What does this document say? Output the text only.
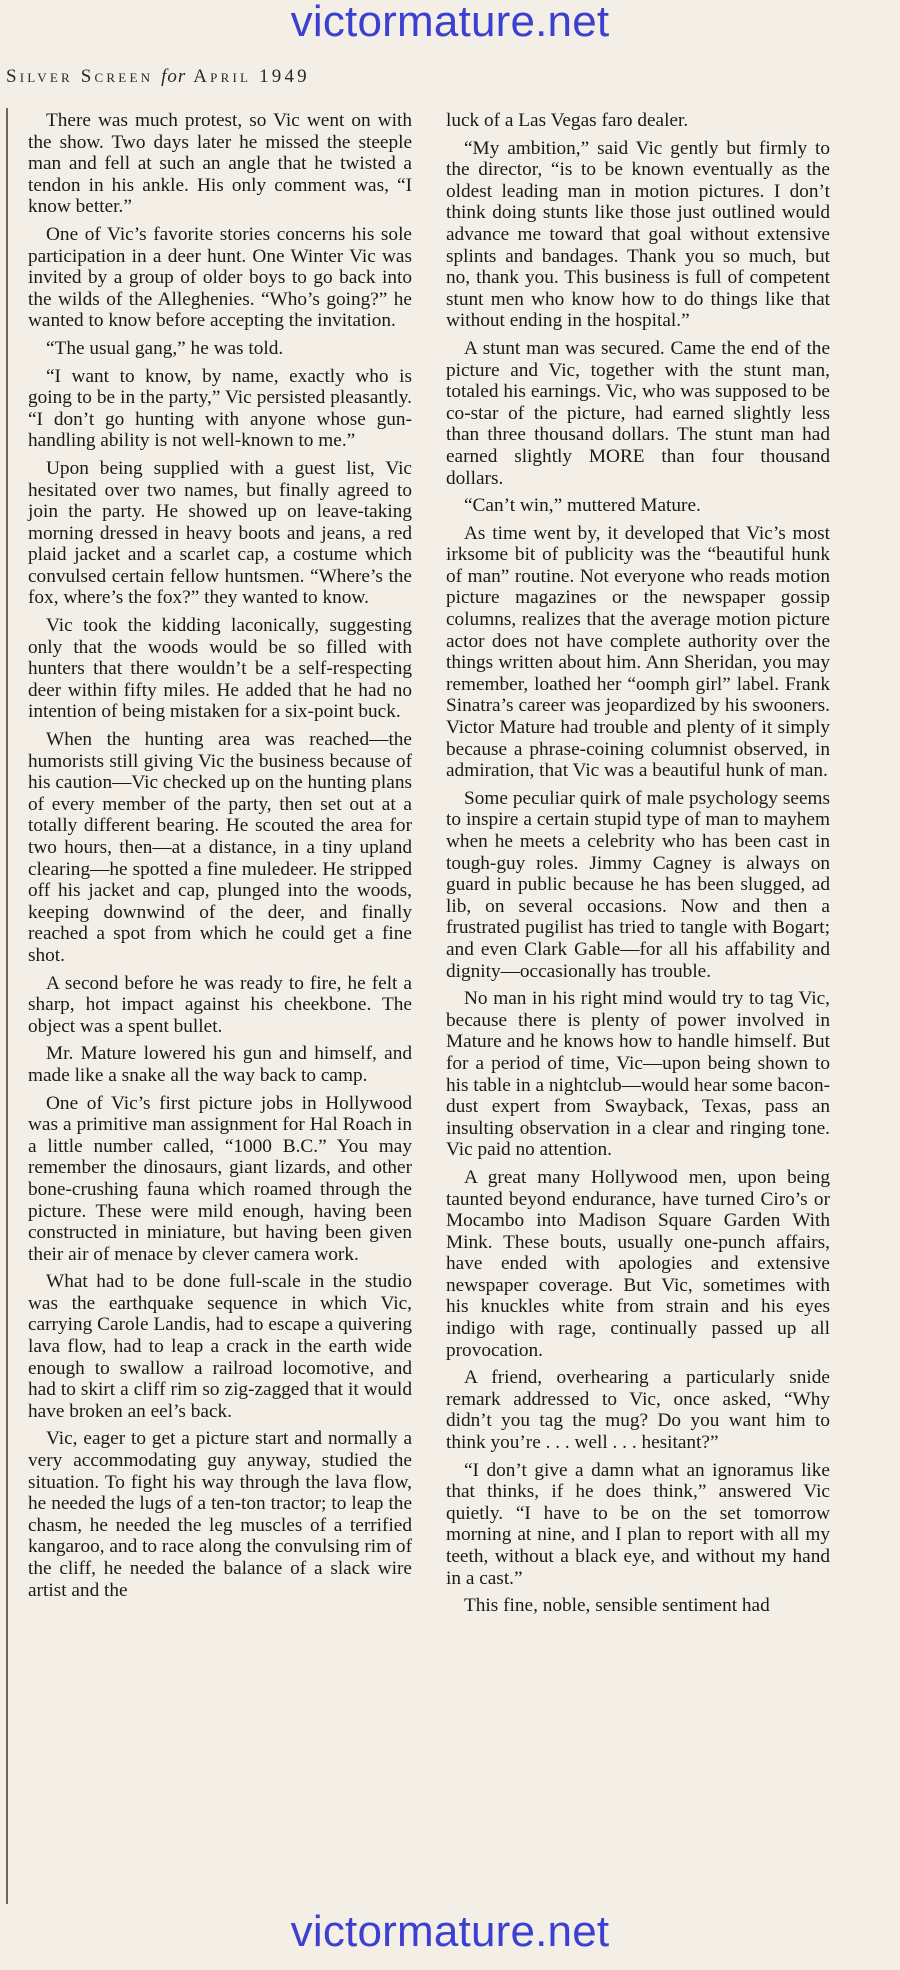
victormature.net
Silver Screen for April 1949

There was much protest, so Vic went on with the show. Two days later he missed the steeple man and fell at such an angle that he twisted a tendon in his ankle. His only comment was, “I know better.”

One of Vic’s favorite stories concerns his sole participation in a deer hunt. One Winter Vic was invited by a group of older boys to go back into the wilds of the Alleghenies. “Who’s going?” he wanted to know before accepting the invitation.

“The usual gang,” he was told.

“I want to know, by name, exactly who is going to be in the party,” Vic persisted pleasantly. “I don’t go hunting with anyone whose gun-handling ability is not well-known to me.”

Upon being supplied with a guest list, Vic hesitated over two names, but finally agreed to join the party. He showed up on leave-taking morning dressed in heavy boots and jeans, a red plaid jacket and a scarlet cap, a costume which convulsed certain fellow huntsmen. “Where’s the fox, where’s the fox?” they wanted to know.

Vic took the kidding laconically, suggesting only that the woods would be so filled with hunters that there wouldn’t be a self-respecting deer within fifty miles. He added that he had no intention of being mistaken for a six-point buck.

When the hunting area was reached—the humorists still giving Vic the business because of his caution—Vic checked up on the hunting plans of every member of the party, then set out at a totally different bearing. He scouted the area for two hours, then—at a distance, in a tiny upland clearing—he spotted a fine muledeer. He stripped off his jacket and cap, plunged into the woods, keeping downwind of the deer, and finally reached a spot from which he could get a fine shot.

A second before he was ready to fire, he felt a sharp, hot impact against his cheekbone. The object was a spent bullet.

Mr. Mature lowered his gun and himself, and made like a snake all the way back to camp.

One of Vic’s first picture jobs in Hollywood was a primitive man assignment for Hal Roach in a little number called, “1000 B.C.” You may remember the dinosaurs, giant lizards, and other bone-crushing fauna which roamed through the picture. These were mild enough, having been constructed in miniature, but having been given their air of menace by clever camera work.

What had to be done full-scale in the studio was the earthquake sequence in which Vic, carrying Carole Landis, had to escape a quivering lava flow, had to leap a crack in the earth wide enough to swallow a railroad locomotive, and had to skirt a cliff rim so zig-zagged that it would have broken an eel’s back.

Vic, eager to get a picture start and normally a very accommodating guy anyway, studied the situation. To fight his way through the lava flow, he needed the lugs of a ten-ton tractor; to leap the chasm, he needed the leg muscles of a terrified kangaroo, and to race along the convulsing rim of the cliff, he needed the balance of a slack wire artist and the

luck of a Las Vegas faro dealer.

“My ambition,” said Vic gently but firmly to the director, “is to be known eventually as the oldest leading man in motion pictures. I don’t think doing stunts like those just outlined would advance me toward that goal without extensive splints and bandages. Thank you so much, but no, thank you. This business is full of competent stunt men who know how to do things like that without ending in the hospital.”

A stunt man was secured. Came the end of the picture and Vic, together with the stunt man, totaled his earnings. Vic, who was supposed to be co-star of the picture, had earned slightly less than three thousand dollars. The stunt man had earned slightly MORE than four thousand dollars.

“Can’t win,” muttered Mature.

As time went by, it developed that Vic’s most irksome bit of publicity was the “beautiful hunk of man” routine. Not everyone who reads motion picture magazines or the newspaper gossip columns, realizes that the average motion picture actor does not have complete authority over the things written about him. Ann Sheridan, you may remember, loathed her “oomph girl” label. Frank Sinatra’s career was jeopardized by his swooners. Victor Mature had trouble and plenty of it simply because a phrase-coining columnist observed, in admiration, that Vic was a beautiful hunk of man.

Some peculiar quirk of male psychology seems to inspire a certain stupid type of man to mayhem when he meets a celebrity who has been cast in tough-guy roles. Jimmy Cagney is always on guard in public because he has been slugged, ad lib, on several occasions. Now and then a frustrated pugilist has tried to tangle with Bogart; and even Clark Gable—for all his affability and dignity—occasionally has trouble.

No man in his right mind would try to tag Vic, because there is plenty of power involved in Mature and he knows how to handle himself. But for a period of time, Vic—upon being shown to his table in a nightclub—would hear some bacon-dust expert from Swayback, Texas, pass an insulting observation in a clear and ringing tone. Vic paid no attention.

A great many Hollywood men, upon being taunted beyond endurance, have turned Ciro’s or Mocambo into Madison Square Garden With Mink. These bouts, usually one-punch affairs, have ended with apologies and extensive newspaper coverage. But Vic, sometimes with his knuckles white from strain and his eyes indigo with rage, continually passed up all provocation.

A friend, overhearing a particularly snide remark addressed to Vic, once asked, “Why didn’t you tag the mug? Do you want him to think you’re . . . well . . . hesitant?”

“I don’t give a damn what an ignoramus like that thinks, if he does think,” answered Vic quietly. “I have to be on the set tomorrow morning at nine, and I plan to report with all my teeth, without a black eye, and without my hand in a cast.”

This fine, noble, sensible sentiment had

victormature.net
